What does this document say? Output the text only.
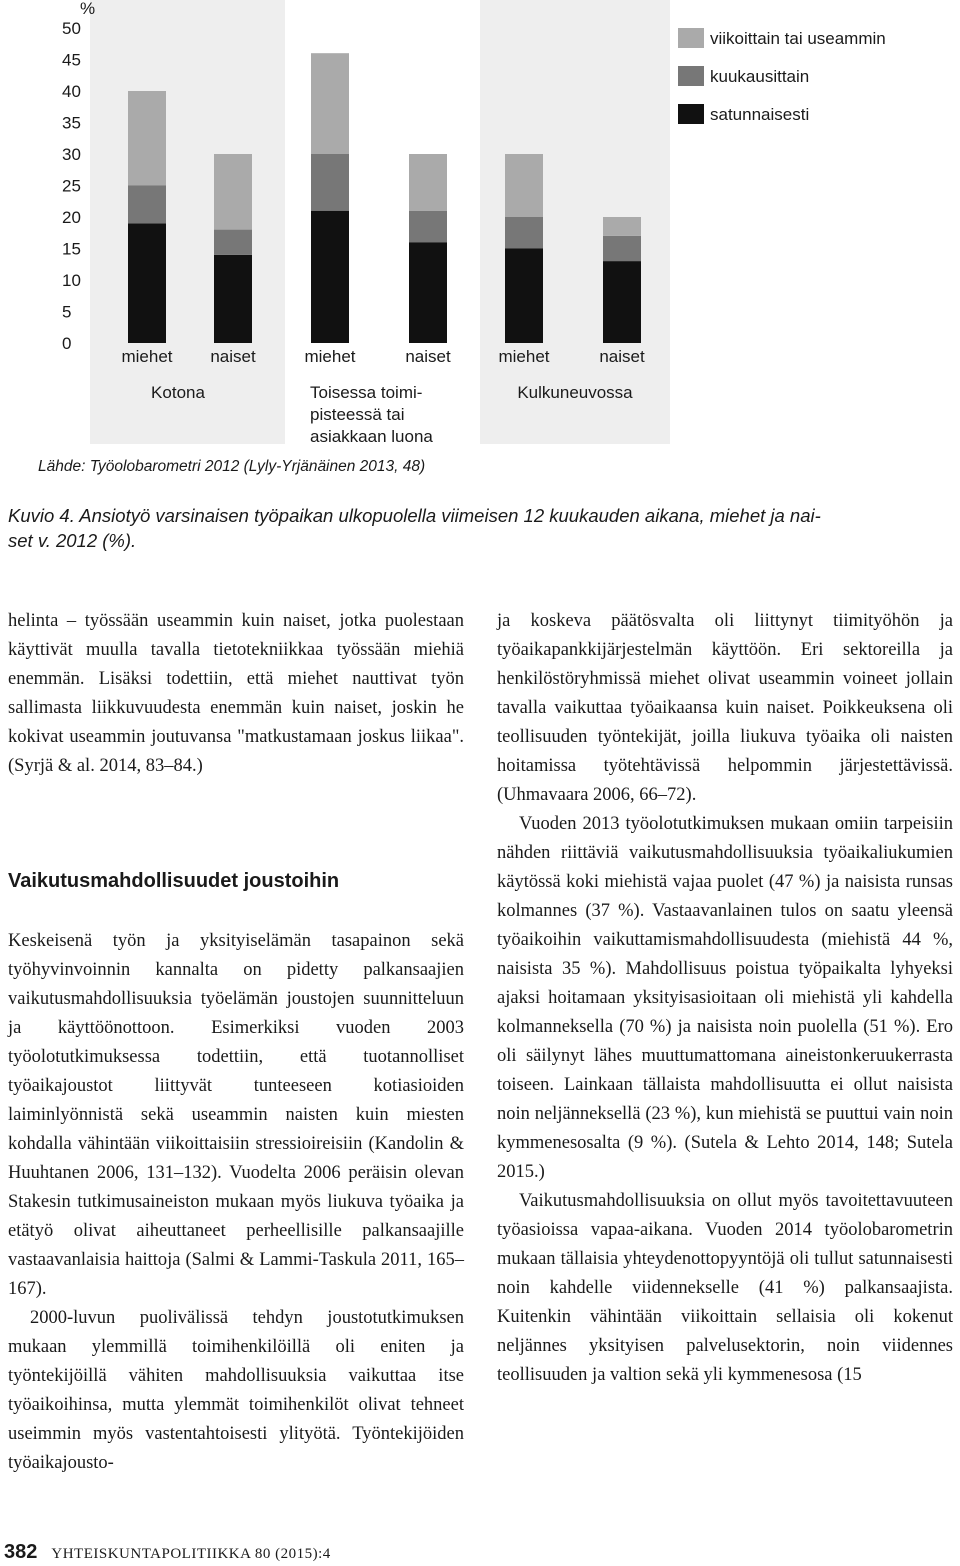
%
50
45
40
35
30
25
20
15
10
5
0
miehet naiset	miehet	naiset	miehet	naiset
Kotona	Toisessa toimi-
pisteessä tai
asiakkaan luona
Kulkuneuvossa
viikoittain tai useammin
kuukausittain
satunnaisesti
Lähde: Työolobarometri 2012 (Lyly-Yrjänäinen 2013, 48)
Kuvio 4. Ansiotyö varsinaisen työpaikan ulkopuolella viimeisen 12 kuukauden aikana, miehet ja nai-
set v. 2012 (%).

helinta – työssään useammin kuin naiset, jotka puolestaan käyttivät muulla tavalla tietotekniikkaa työssään miehiä enemmän. Lisäksi todettiin, että miehet nauttivat työn sallimasta liikkuvuudesta enemmän kuin naiset, joskin he kokivat useammin joutuvansa "matkustamaan joskus liikaa". (Syrjä & al. 2014, 83–84.)

Vaikutusmahdollisuudet joustoihin

Keskeisenä työn ja yksityiselämän tasapainon sekä työhyvinvoinnin kannalta on pidetty palkansaajien vaikutusmahdollisuuksia työelämän joustojen suunnitteluun ja käyttöönottoon. Esimerkiksi vuoden 2003 työolotutkimuksessa todettiin, että tuotannolliset työaikajoustot liittyvät tunteeseen kotiasioiden laiminlyönnistä sekä useammin naisten kuin miesten kohdalla vähintään viikoittaisiin stressioireisiin (Kandolin & Huuhtanen 2006, 131–132). Vuodelta 2006 peräisin olevan Stakesin tutkimusaineiston mukaan myös liukuva työaika ja etätyö olivat aiheuttaneet perheellisille palkansaajille vastaavanlaisia haittoja (Salmi & Lammi-Taskula 2011, 165–167).

2000-luvun puolivälissä tehdyn joustotutkimuksen mukaan ylemmillä toimihenkilöillä oli eniten ja työntekijöillä vähiten mahdollisuuksia vaikuttaa itse työaikoihinsa, mutta ylemmät toimihenkilöt olivat tehneet useimmin myös vastentahtoisesti ylityötä. Työntekijöiden työaikajousto-

ja koskeva päätösvalta oli liittynyt tiimityöhön ja työaikapankkijärjestelmän käyttöön. Eri sektoreilla ja henkilöstöryhmissä miehet olivat useammin voineet jollain tavalla vaikuttaa työaikaansa kuin naiset. Poikkeuksena oli teollisuuden työntekijät, joilla liukuva työaika oli naisten hoitamissa työtehtävissä helpommin järjestettävissä. (Uhmavaara 2006, 66–72).

Vuoden 2013 työolotutkimuksen mukaan omiin tarpeisiin nähden riittäviä vaikutusmahdollisuuksia työaikaliukumien käytössä koki miehistä vajaa puolet (47 %) ja naisista runsas kolmannes (37 %). Vastaavanlainen tulos on saatu yleensä työaikoihin vaikuttamismahdollisuudesta (miehistä 44 %, naisista 35 %). Mahdollisuus poistua työpaikalta lyhyeksi ajaksi hoitamaan yksityisasioitaan oli miehistä yli kahdella kolmanneksella (70 %) ja naisista noin puolella (51 %). Ero oli säilynyt lähes muuttumattomana aineistonkeruukerrasta toiseen. Lainkaan tällaista mahdollisuutta ei ollut naisista noin neljänneksellä (23 %), kun miehistä se puuttui vain noin kymmenesosalta (9 %). (Sutela & Lehto 2014, 148; Sutela 2015.)

Vaikutusmahdollisuuksia on ollut myös tavoitettavuuteen työasioissa vapaa-aikana. Vuoden 2014 työolobarometrin mukaan tällaisia yhteydenottopyyntöjä oli tullut satunnaisesti noin kahdelle viidennekselle (41 %) palkansaajista. Kuitenkin vähintään viikoittain sellaisia oli kokenut neljännes yksityisen palvelusektorin, noin viidennes teollisuuden ja valtion sekä yli kymmenesosa (15

382 YHTEISKUNTAPOLITIIKKA 80 (2015):4
